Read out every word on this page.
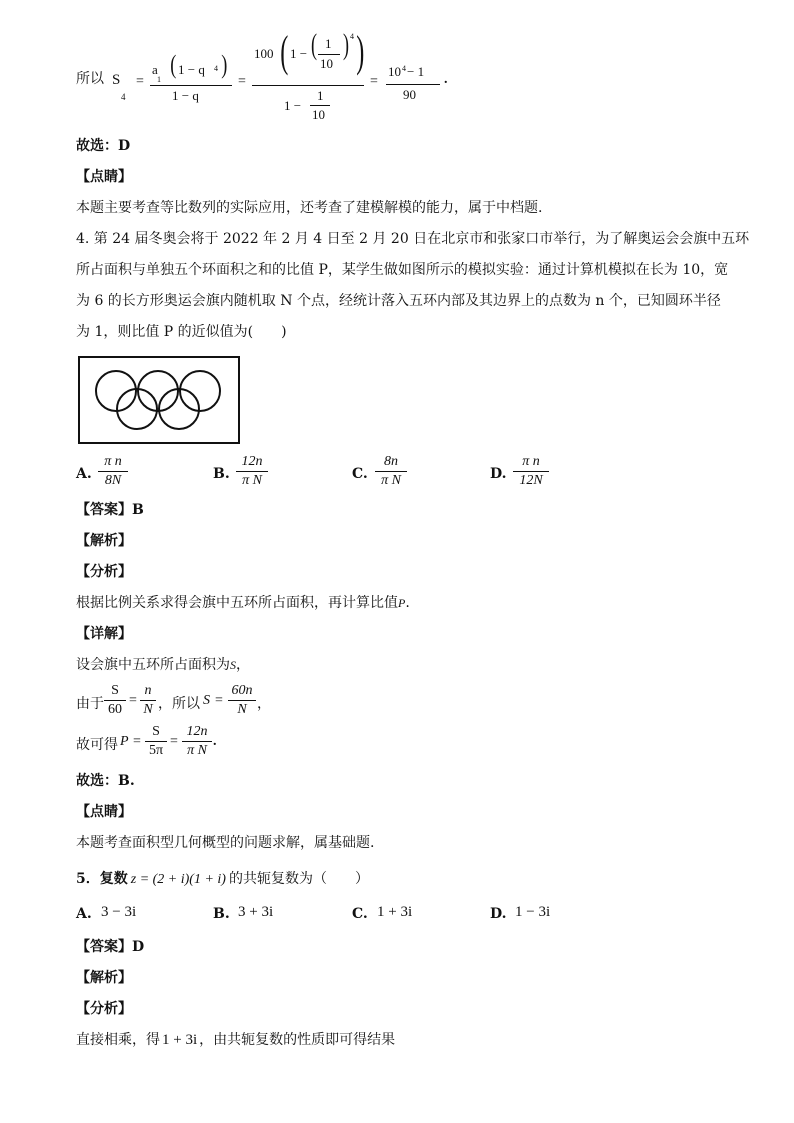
所以 S
4
=
a
1
( 1 − q 4 )
1 − q
=
100 ( 1 − ( 1
10
) 4 )
1 −
1
10
=
10 4 − 1
90
.
故选：D
【点睛】
本题主要考查等比数列的实际应用，还考查了建模解模的能力，属于中档题.
4. 第 24 届冬奥会将于 2022 年 2 月 4 日至 2 月 20 日在北京市和张家口市举行，为了解奥运会会旗中五环
所占面积与单独五个环面积之和的比值 P，某学生做如图所示的模拟实验：通过计算机模拟在长为 10，宽
为 6 的长方形奥运会旗内随机取 N 个点，经统计落入五环内部及其边界上的点数为 n 个，已知圆环半径
为 1，则比值 P 的近似值为(　　)
A.
π n
8N	B.
12n
π N	C.
8n
π N	D.
π n
12N
【答案】B
【解析】
【分析】
根据比例关系求得会旗中五环所占面积，再计算比值P.
【详解】
设会旗中五环所占面积为S，
由于
S
60
=
n
N ，所以 S =
60n
N ，
故可得 P =
S
5π
=
12n
π N
.
故选：B.
【点睛】
本题考查面积型几何概型的问题求解，属基础题.
5．复数 z = (2 + i)(1 + i) 的共轭复数为（　　）
A. 3 − 3i	B. 3 + 3i	C. 1 + 3i	D. 1 − 3i
【答案】D
【解析】
【分析】
直接相乘，得 1 + 3i ，由共轭复数的性质即可得结果
